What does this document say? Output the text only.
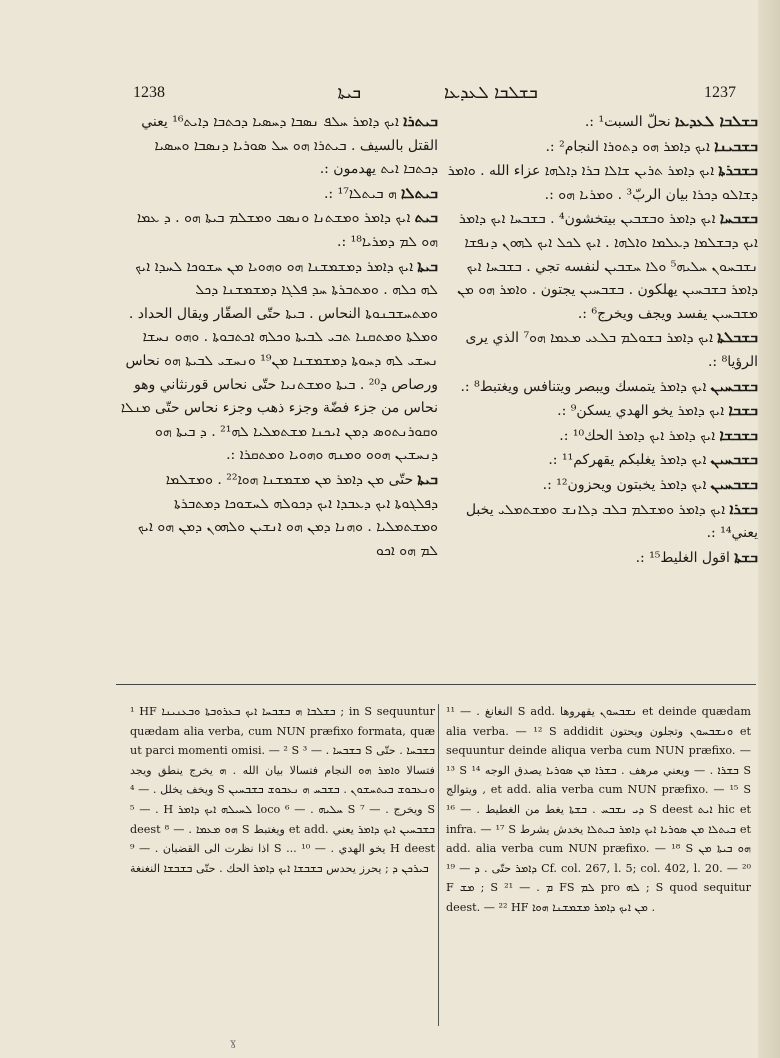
1238	ܒܝܬܐ	ܒܫܠܒܐ ܠܥܕܥܐ	1237

ܒܝܬܪܐ ܐܝܟ ܕܐܡܪ ܚܠܦ ܢܣܒܐ ܕܚܣܝܐ ܕܟܬܒܐ ܕܐܝܬ¹⁶ يعني القتل بالسيف . ܒܝܬܪܐ ܗܘ ܚܠ ܣܘܪܝܐ ܕܢܣܒܐ ܘܚܣܝܐ ܕܟܬܒܐ ܐܝܬ يهدمون :.

ܒܝܬܠܐ ܗ ܒܝܬܠܐ¹⁷ :.

ܒܝܬ ܐܝܟ ܕܐܡܪ ܘܡܫܬܢܐ ܘܢܣܒ ܘܡܫܠܡ ܒܝܬܐ ܗܘ . ܕ ܥܡܐ ܗܘ ܠܡ ܕܡܪܝܐ¹⁸ :.

ܒܝܬܐ ܐܝܟ ܕܐܡܪ ܕܡܫܡܫܢܐ ܗܘ ܘܗܘܝܐ ܡܢ ܚܫܘܟܐ ܠܚܕܐ ܐܝܟ ܠܗ ܟܠܗ . ܘܡܬܒܪܬܐ ܚܕ ܦܠܓܐ ܕܡܫܡܫܢܐ ܕܟܠ ܘܡܬܚܫܒܢܘܬܐ النحاس . ܒܝܬܐ حتّى الصقّار ويقال الحداد . ܘܡܠܬܐ ܘܡܬܩܢܐ ܬܒܝ ܠܒܝܬܐ ܘܟܠܗ ܐܟܬܒܘܬܐ . ܘܗܘ ܢܚܫܐ ܢܚܫܝ ܠܗ ܕܚܘܬܐ ܕܡܫܡܫܢܐ ܡܢ¹⁹ ܘܢܚܫܝ ܠܒܝܬܐ ܗܘ نحاس ورصاص ܕ²⁰ . ܒܝܬܐ ܘܡܫܬܢܝܐ حتّى نحاس قورنثاني وهو نحاس من جزء فضّة وجزء ذهب وجزء نحاس حتّى ܡܢܠܐ ܘܩܘܪܢܬܘܣ ܕܡܢ ܐܝܟܢܐ ܡܫܬܡܠܝܐ ܠܗ²¹ . ܕ ܒܝܬܐ ܗܘ ܕܢܚܫܝܢ ܗܘܘ ܘܡܢܗ ܘܗܘܝܐ ܘܡܬܩܪܐ :.

ܒܝܬܐ حتّى ܡܢ ܕܐܡܪ ܡܢ ܡܫܡܫܢܐ ܗܘܐ²² . ܘܡܫܠܡܐ ܕܦܠܓܘܬܐ ܐܝܟ ܕܥܒܕܐ ܐܝܟ ܕܟܘܠܗ ܠܚܫܘܟܐ ܕܡܬܒܪܬܐ ܘܡܫܬܡܠܝܐ . ܘܗܢܐ ܕܡܢ ܗܘ ܐܢܫܝܢ ܘܠܗܘܢ ܕܡܢ ܗܘ ܐܝܟ ܠܡ ܗܘ ܐܟܘ

ܒܫܠܒܐ ܠܥܕܥܐ نحلّ السبت¹ :.

ܒܫܒܝܢܐ ܐܝܟ ܕܐܡܪ ܗܘ ܕܬܘܪܐ النجام² :.

ܒܫܒܪܬܐ ܐܝܟ ܕܐܡܪ ܬܪܝܢ ܫܐܠܐ ܒܪܐ ܕܐܠܗܐ عزاء الله . ܘܐܡܪ ܕܫܐܠܘ ܕܟܪܐ بيان الربّ³ . ܘܡܪܝܐ ܗܘ :.

ܒܫܒܚܐ ܐܝܟ ܕܐܡܪ ܘܒܫܒܝܢ بيتخشون⁴ . ܒܫܒܚܐ ܐܝܟ ܕܐܡܪ ܐܝܟ ܕܒܫܠܡܐ ܕܥܠܡܐ ܘܐܠܗܐ . ܐܝܟ ܠܟܠ ܐܝܟ ܠܗܘܢ ܕܢܦܫܐ ܢܫܒܚܘܢ ܚܠܝܗ⁵ ܘܠܐ ܚܫܒܝܢ لنفسه تجي . ܒܫܒܚܐ ܐܝܟ ܕܐܡܪ ܒܫܒܚܝܢ يهلكون . ܒܫܒܚܝܢ يجتون . ܘܐܡܪ ܗܘ ܡܢ ܡܫܒܚܝܢ يفسد ويجف ويخرج⁶ :.

ܒܫܒܠܬܐ ܐܝܟ ܕܐܡܪ ܒܫܘܠܡ ܒܠܥܝ ܡܥܡܐ ܗܘ⁷ الذي يرى الرؤيا⁸ :.

ܒܫܒܚܝܢ ܐܝܟ ܕܐܡܪ يتمسك ويبصر ويتنافس ويغتبط⁸ :.

ܒܫܒܐ ܐܝܟ ܕܐܡܪ يخو الهدي يسكن⁹ :.

ܒܫܒܫܐ ܐܝܟ ܕܐܡܪ ܐܝܟ ܕܐܡܪ الحك¹⁰ :.

ܒܫܒܚܝܢ ܐܝܟ ܕܐܡܪ يغلبكم يقهركم¹¹ :.

ܒܫܒܚܝܢ ܐܝܟ ܕܐܡܪ يخبتون ويحزون¹² :.

ܒܫܪܐ ܐܝܟ ܕܐܡܪ ܘܡܫܠܡ ܒܠܒ ܕܠܐܢܫ ܘܡܫܬܡܠܝ يخبل يعني¹⁴ :.

ܒܫܬܐ اقول الغليط¹⁵ :.

¹ HF ܒܫܠܒܐ ܗ ܒܫܒܚܐ ܐܝܟ ܒܥܪܘܒܬܐ ܘܒܥܢܝܢܐ ; in S sequuntur quædam alia verba, cum NUN præfixo formata, quæ ut parci momenti omisi. — ² S ܒܫܒܚܐ . — ³ S ܒܫܒܚܐ . حتّى فتسالا ܘܐܡܪ ܗܘ النجام فتسالا بيان الله . ܗ يخرج ينطق ويجد ويخف يخلل . — ⁴ S ܘܢܥܒܘܫ ܒܝܬܚܫܘܢ . ܒܫܒܚ ܗ ܢܥܒܘܫ ܒܫܒܚܝܢ . — ⁵ H ܠܚܝܠܗ ܐܝܟ ܕܐܡܪ loco ܚܠܝܗ . — ⁶ S ويخرج . — ⁷ S deest ܗܘ ܡܥܡܐ . — ⁸ S ويغتبط et add. ܒܫܒܚܝܢ ܐܝܟ ܕܐܡܪ يعني اذا نظرت الى القضبان . — ⁹ S ... يخو الهدي . — ¹⁰ H deest ܒܝܪܟܢ ܕ ; يحرز يحدس ܒܫܒܫܐ ܐܝܟ ܕܐܡܪ الحك . حتّى ܒܫܒܫܐ النغنغة
النغانغ . — ¹¹ S add. ܢܫܒܚܘܢ يقهروها et deinde quædam alia verba. — ¹² S addidit ܘܢܫܒܚܘܢ وتجلون ويحتون et sequuntur deinde aliqua verba cum NUN præfixo. — ¹³ S ܒܫܪܐ . — ويعني مرهف . ܒܫܪܐ ܡܢ ܣܘܪܝܐ يصدق الوجه ¹⁴ S ويتوالج , et add. alia verba cum NUN præfixo. — ¹⁵ S ܕܝ ܢܫܒܚ . ܒܫܬܐ يغط من الغطيط . — ¹⁶ S deest ܐܝܬ hic et infra. — ¹⁷ S ܒܝܬܠܐ ܡܢ ܣܘܪܝܐ ܐܝܟ ܕܐܡܪ ܒܝܬܠܐ يخدش يشرط et add. alia verba cum NUN præfixo. — ¹⁸ S ܗܘ ܒܝܬܐ ܡܢ ܕܐܡܪ حتّى . ܕ — ¹⁹ Cf. col. 267, l. 5; col. 402, l. 20. — ²⁰ F ܡܫ ; S ܡ . — ²¹ FS ܠܡ pro ܠܗ ; S quod sequitur deest. — ²² HF ܡܢ ܐܝܟ ܕܐܡܪ ܡܫܡܫܢܐ ܗܘܐ .
ɣ
